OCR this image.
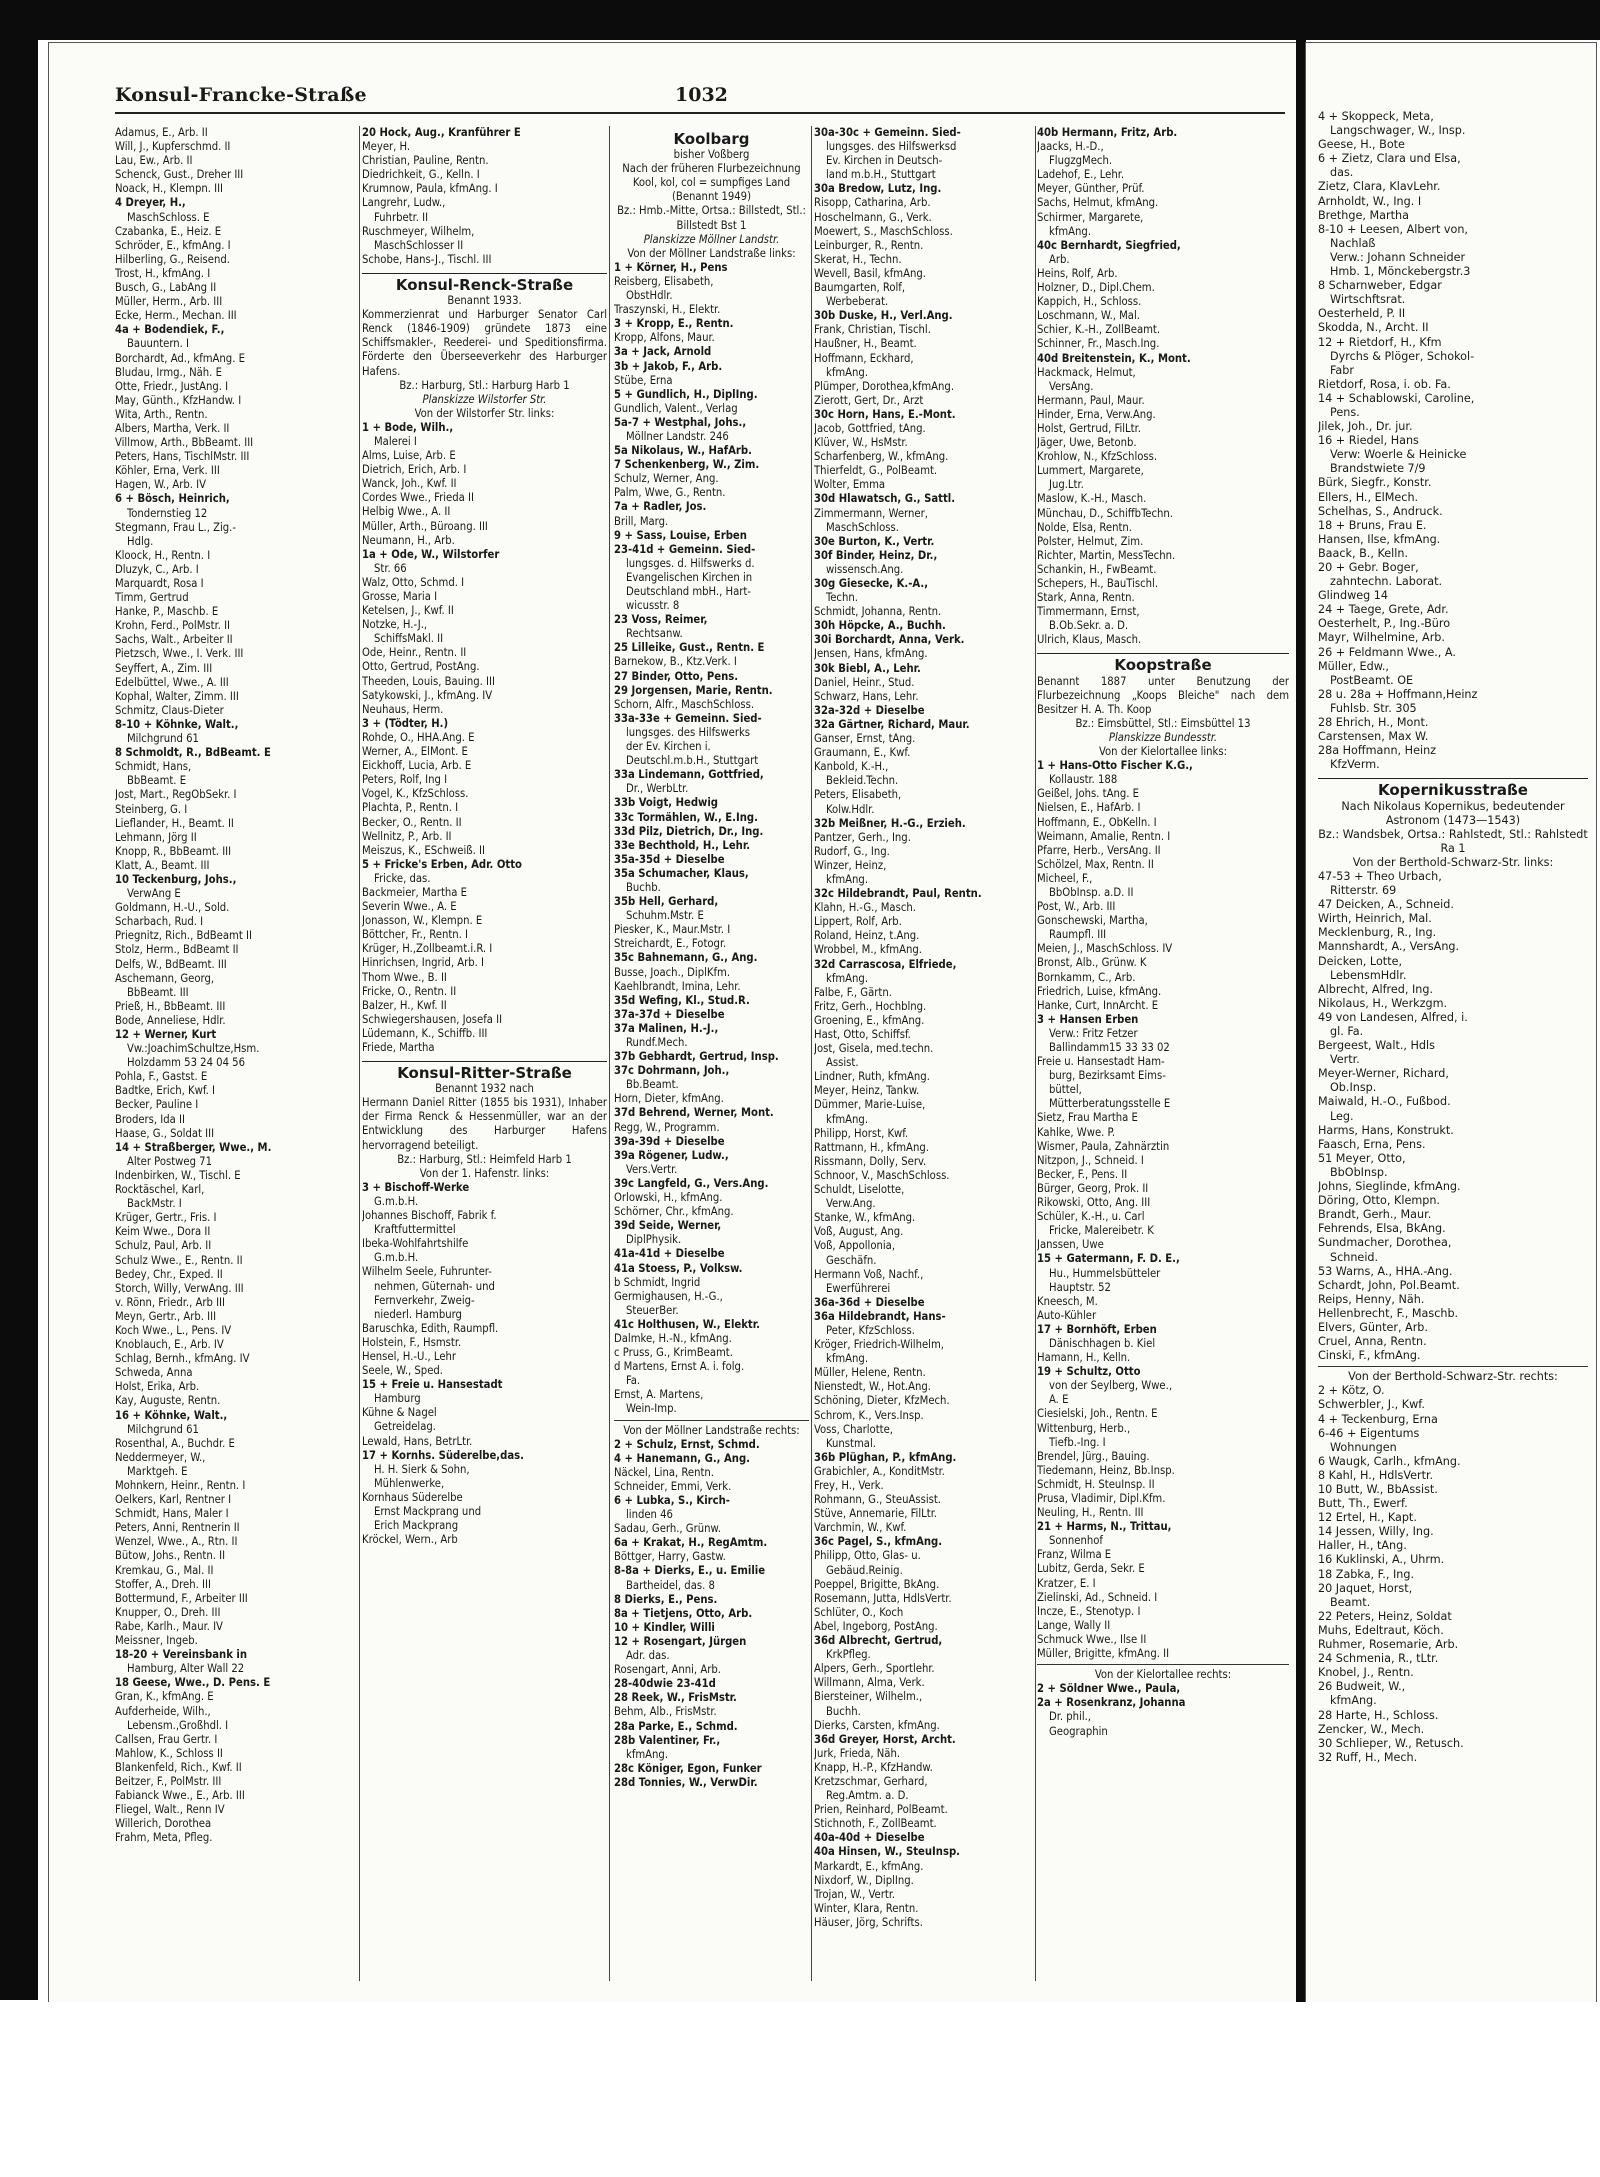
Konsul-Francke-Straße	1032
Adamus, E., Arb. II
Will, J., Kupferschmd. II
Lau, Ew., Arb. II
Schenck, Gust., Dreher III
Noack, H., Klempn. III
4 Dreyer, H.,
MaschSchloss. E
Czabanka, E., Heiz. E
Schröder, E., kfmAng. I
Hilberling, G., Reisend.
Trost, H., kfmAng. I
Busch, G., LabAng II
Müller, Herm., Arb. III
Ecke, Herm., Mechan. III
4a + Bodendiek, F.,
Bauuntern. I
Borchardt, Ad., kfmAng. E
Bludau, Irmg., Näh. E
Otte, Friedr., JustAng. I
May, Günth., KfzHandw. I
Wita, Arth., Rentn.
Albers, Martha, Verk. II
Villmow, Arth., BbBeamt. III
Peters, Hans, TischlMstr. III
Köhler, Erna, Verk. III
Hagen, W., Arb. IV
6 + Bösch, Heinrich,
Tondernstieg 12
Stegmann, Frau L., Zig.-
Hdlg.
Kloock, H., Rentn. I
Dluzyk, C., Arb. I
Marquardt, Rosa I
Timm, Gertrud
Hanke, P., Maschb. E
Krohn, Ferd., PolMstr. II
Sachs, Walt., Arbeiter II
Pietzsch, Wwe., I. Verk. III
Seyffert, A., Zim. III
Edelbüttel, Wwe., A. III
Kophal, Walter, Zimm. III
Schmitz, Claus-Dieter
8-10 + Köhnke, Walt.,
Milchgrund 61
8 Schmoldt, R., BdBeamt. E
Schmidt, Hans,
BbBeamt. E
Jost, Mart., RegObSekr. I
Steinberg, G. I
Lieflander, H., Beamt. II
Lehmann, Jörg II
Knopp, R., BbBeamt. III
Klatt, A., Beamt. III
10 Teckenburg, Johs.,
VerwAng E
Goldmann, H.-U., Sold.
Scharbach, Rud. I
Priegnitz, Rich., BdBeamt II
Stolz, Herm., BdBeamt II
Delfs, W., BdBeamt. III
Aschemann, Georg,
BbBeamt. III
Prieß, H., BbBeamt. III
Bode, Anneliese, Hdlr.
12 + Werner, Kurt
Vw.:JoachimSchultze,Hsm.
Holzdamm 53 24 04 56
Pohla, F., Gastst. E
Badtke, Erich, Kwf. I
Becker, Pauline I
Broders, Ida II
Haase, G., Soldat III
14 + Straßberger, Wwe., M.
Alter Postweg 71
Indenbirken, W., Tischl. E
Rocktäschel, Karl,
BackMstr. I
Krüger, Gertr., Fris. I
Keim Wwe., Dora II
Schulz, Paul, Arb. II
Schulz Wwe., E., Rentn. II
Bedey, Chr., Exped. II
Storch, Willy, VerwAng. III
v. Rönn, Friedr., Arb III
Meyn, Gertr., Arb. III
Koch Wwe., L., Pens. IV
Knoblauch, E., Arb. IV
Schlag, Bernh., kfmAng. IV
Schweda, Anna
Holst, Erika, Arb.
Kay, Auguste, Rentn.
16 + Köhnke, Walt.,
Milchgrund 61
Rosenthal, A., Buchdr. E
Neddermeyer, W.,
Marktgeh. E
Mohnkern, Heinr., Rentn. I
Oelkers, Karl, Rentner I
Schmidt, Hans, Maler I
Peters, Anni, Rentnerin II
Wenzel, Wwe., A., Rtn. II
Bütow, Johs., Rentn. II
Kremkau, G., Mal. II
Stoffer, A., Dreh. III
Bottermund, F., Arbeiter III
Knupper, O., Dreh. III
Rabe, Karlh., Maur. IV
Meissner, Ingeb.
18-20 + Vereinsbank in
Hamburg, Alter Wall 22
18 Geese, Wwe., D. Pens. E
Gran, K., kfmAng. E
Aufderheide, Wilh.,
Lebensm.,Großhdl. I
Callsen, Frau Gertr. I
Mahlow, K., Schloss II
Blankenfeld, Rich., Kwf. II
Beitzer, F., PolMstr. III
Fabianck Wwe., E., Arb. III
Fliegel, Walt., Renn IV
Willerich, Dorothea
Frahm, Meta, Pfleg.
20 Hock, Aug., Kranführer E
Meyer, H.
Christian, Pauline, Rentn.
Diedrichkeit, G., Kelln. I
Krumnow, Paula, kfmAng. I
Langrehr, Ludw.,
Fuhrbetr. II
Ruschmeyer, Wilhelm,
MaschSchlosser II
Schobe, Hans-J., Tischl. III
Konsul-Renck-Straße
Benannt 1933.
Kommerzienrat und Harburger Senator Carl Renck (1846-1909) gründete 1873 eine Schiffsmakler-, Reederei- und Speditionsfirma. Förderte den Überseeverkehr des Harburger Hafens.
Bz.: Harburg, Stl.: Harburg Harb 1
Planskizze Wilstorfer Str.
Von der Wilstorfer Str. links:
1 + Bode, Wilh.,
Malerei I
Alms, Luise, Arb. E
Dietrich, Erich, Arb. I
Wanck, Joh., Kwf. II
Cordes Wwe., Frieda II
Helbig Wwe., A. II
Müller, Arth., Büroang. III
Neumann, H., Arb.
1a + Ode, W., Wilstorfer
Str. 66
Walz, Otto, Schmd. I
Grosse, Maria I
Ketelsen, J., Kwf. II
Notzke, H.-J.,
SchiffsMakl. II
Ode, Heinr., Rentn. II
Otto, Gertrud, PostAng.
Theeden, Louis, Bauing. III
Satykowski, J., kfmAng. IV
Neuhaus, Herm.
3 + (Tödter, H.)
Rohde, O., HHA.Ang. E
Werner, A., ElMont. E
Eickhoff, Lucia, Arb. E
Peters, Rolf, Ing I
Vogel, K., KfzSchloss.
Plachta, P., Rentn. I
Becker, O., Rentn. II
Wellnitz, P., Arb. II
Meiszus, K., ESchweiß. II
5 + Fricke's Erben, Adr. Otto
Fricke, das.
Backmeier, Martha E
Severin Wwe., A. E
Jonasson, W., Klempn. E
Böttcher, Fr., Rentn. I
Krüger, H.,Zollbeamt.i.R. I
Hinrichsen, Ingrid, Arb. I
Thom Wwe., B. II
Fricke, O., Rentn. II
Balzer, H., Kwf. II
Schwiegershausen, Josefa II
Lüdemann, K., Schiffb. III
Friede, Martha
Konsul-Ritter-Straße
Benannt 1932 nach
Hermann Daniel Ritter (1855 bis 1931), Inhaber der Firma Renck & Hessenmüller, war an der Entwicklung des Harburger Hafens hervorragend beteiligt.
Bz.: Harburg, Stl.: Heimfeld Harb 1
Von der 1. Hafenstr. links:
3 + Bischoff-Werke
G.m.b.H.
Johannes Bischoff, Fabrik f.
Kraftfuttermittel
Ibeka-Wohlfahrtshilfe
G.m.b.H.
Wilhelm Seele, Fuhrunter-
nehmen, Güternah- und
Fernverkehr, Zweig-
niederl. Hamburg
Baruschka, Edith, Raumpfl.
Holstein, F., Hsmstr.
Hensel, H.-U., Lehr
Seele, W., Sped.
15 + Freie u. Hansestadt
Hamburg
Kühne & Nagel
Getreidelag.
Lewald, Hans, BetrLtr.
17 + Kornhs. Süderelbe,das.
H. H. Sierk & Sohn,
Mühlenwerke,
Kornhaus Süderelbe
Ernst Mackprang und
Erich Mackprang
Kröckel, Wern., Arb
Koolbarg
bisher Voßberg
Nach der früheren Flurbezeichnung Kool, kol, col = sumpfiges Land
(Benannt 1949)
Bz.: Hmb.-Mitte, Ortsa.: Billstedt, Stl.: Billstedt Bst 1
Planskizze Möllner Landstr.
Von der Möllner Landstraße links:
1 + Körner, H., Pens
Reisberg, Elisabeth,
ObstHdlr.
Traszynski, H., Elektr.
3 + Kropp, E., Rentn.
Kropp, Alfons, Maur.
3a + Jack, Arnold
3b + Jakob, F., Arb.
Stübe, Erna
5 + Gundlich, H., DiplIng.
Gundlich, Valent., Verlag
5a-7 + Westphal, Johs.,
Möllner Landstr. 246
5a Nikolaus, W., HafArb.
7 Schenkenberg, W., Zim.
Schulz, Werner, Ang.
Palm, Wwe, G., Rentn.
7a + Radler, Jos.
Brill, Marg.
9 + Sass, Louise, Erben
23-41d + Gemeinn. Sied-
lungsges. d. Hilfswerks d.
Evangelischen Kirchen in
Deutschland mbH., Hart-
wicusstr. 8
23 Voss, Reimer,
Rechtsanw.
25 Lilleike, Gust., Rentn. E
Barnekow, B., Ktz.Verk. I
27 Binder, Otto, Pens.
29 Jorgensen, Marie, Rentn.
Schorn, Alfr., MaschSchloss.
33a-33e + Gemeinn. Sied-
lungsges. des Hilfswerks
der Ev. Kirchen i.
Deutschl.m.b.H., Stuttgart
33a Lindemann, Gottfried,
Dr., WerbLtr.
33b Voigt, Hedwig
33c Tormählen, W., E.Ing.
33d Pilz, Dietrich, Dr., Ing.
33e Bechthold, H., Lehr.
35a-35d + Dieselbe
35a Schumacher, Klaus,
Buchb.
35b Hell, Gerhard,
Schuhm.Mstr. E
Piesker, K., Maur.Mstr. I
Streichardt, E., Fotogr.
35c Bahnemann, G., Ang.
Busse, Joach., DiplKfm.
Kaehlbrandt, Imina, Lehr.
35d Wefing, Kl., Stud.R.
37a-37d + Dieselbe
37a Malinen, H.-J.,
Rundf.Mech.
37b Gebhardt, Gertrud, Insp.
37c Dohrmann, Joh.,
Bb.Beamt.
Horn, Dieter, kfmAng.
37d Behrend, Werner, Mont.
Regg, W., Programm.
39a-39d + Dieselbe
39a Rögener, Ludw.,
Vers.Vertr.
39c Langfeld, G., Vers.Ang.
Orlowski, H., kfmAng.
Schörner, Chr., kfmAng.
39d Seide, Werner,
DiplPhysik.
41a-41d + Dieselbe
41a Stoess, P., Volksw.
b Schmidt, Ingrid
Germighausen, H.-G.,
SteuerBer.
41c Holthusen, W., Elektr.
Dalmke, H.-N., kfmAng.
c Pruss, G., KrimBeamt.
d Martens, Ernst A. i. folg.
Fa.
Ernst, A. Martens,
Wein-Imp.
Von der Möllner Landstraße rechts:
2 + Schulz, Ernst, Schmd.
4 + Hanemann, G., Ang.
Näckel, Lina, Rentn.
Schneider, Emmi, Verk.
6 + Lubka, S., Kirch-
linden 46
Sadau, Gerh., Grünw.
6a + Krakat, H., RegAmtm.
Böttger, Harry, Gastw.
8-8a + Dierks, E., u. Emilie
Bartheidel, das. 8
8 Dierks, E., Pens.
8a + Tietjens, Otto, Arb.
10 + Kindler, Willi
12 + Rosengart, Jürgen
Adr. das.
Rosengart, Anni, Arb.
28-40dwie 23-41d
28 Reek, W., FrisMstr.
Behm, Alb., FrisMstr.
28a Parke, E., Schmd.
28b Valentiner, Fr.,
kfmAng.
28c Königer, Egon, Funker
28d Tonnies, W., VerwDir.
30a-30c + Gemeinn. Sied-
lungsges. des Hilfswerksd
Ev. Kirchen in Deutsch-
land m.b.H., Stuttgart
30a Bredow, Lutz, Ing.
Risopp, Catharina, Arb.
Hoschelmann, G., Verk.
Moewert, S., MaschSchloss.
Leinburger, R., Rentn.
Skerat, H., Techn.
Wevell, Basil, kfmAng.
Baumgarten, Rolf,
Werbeberat.
30b Duske, H., Verl.Ang.
Frank, Christian, Tischl.
Haußner, H., Beamt.
Hoffmann, Eckhard,
kfmAng.
Plümper, Dorothea,kfmAng.
Zierott, Gert, Dr., Arzt
30c Horn, Hans, E.-Mont.
Jacob, Gottfried, tAng.
Klüver, W., HsMstr.
Scharfenberg, W., kfmAng.
Thierfeldt, G., PolBeamt.
Wolter, Emma
30d Hlawatsch, G., Sattl.
Zimmermann, Werner,
MaschSchloss.
30e Burton, K., Vertr.
30f Binder, Heinz, Dr.,
wissensch.Ang.
30g Giesecke, K.-A.,
Techn.
Schmidt, Johanna, Rentn.
30h Höpcke, A., Buchh.
30i Borchardt, Anna, Verk.
Jensen, Hans, kfmAng.
30k Biebl, A., Lehr.
Daniel, Heinr., Stud.
Schwarz, Hans, Lehr.
32a-32d + Dieselbe
32a Gärtner, Richard, Maur.
Ganser, Ernst, tAng.
Graumann, E., Kwf.
Kanbold, K.-H.,
Bekleid.Techn.
Peters, Elisabeth,
Kolw.Hdlr.
32b Meißner, H.-G., Erzieh.
Pantzer, Gerh., Ing.
Rudorf, G., Ing.
Winzer, Heinz,
kfmAng.
32c Hildebrandt, Paul, Rentn.
Klahn, H.-G., Masch.
Lippert, Rolf, Arb.
Roland, Heinz, t.Ang.
Wrobbel, M., kfmAng.
32d Carrascosa, Elfriede,
kfmAng.
Falbe, F., Gärtn.
Fritz, Gerh., Hochblng.
Groening, E., kfmAng.
Hast, Otto, Schiffsf.
Jost, Gisela, med.techn.
Assist.
Lindner, Ruth, kfmAng.
Meyer, Heinz, Tankw.
Dümmer, Marie-Luise,
kfmAng.
Philipp, Horst, Kwf.
Rattmann, H., kfmAng.
Rissmann, Dolly, Serv.
Schnoor, V., MaschSchloss.
Schuldt, Liselotte,
Verw.Ang.
Stanke, W., kfmAng.
Voß, August, Ang.
Voß, Appollonia,
Geschäfn.
Hermann Voß, Nachf.,
Ewerführerei
36a-36d + Dieselbe
36a Hildebrandt, Hans-
Peter, KfzSchloss.
Kröger, Friedrich-Wilhelm,
kfmAng.
Müller, Helene, Rentn.
Nienstedt, W., Hot.Ang.
Schöning, Dieter, KfzMech.
Schrom, K., Vers.Insp.
Voss, Charlotte,
Kunstmal.
36b Plüghan, P., kfmAng.
Grabichler, A., KonditMstr.
Frey, H., Verk.
Rohmann, G., SteuAssist.
Stüve, Annemarie, FilLtr.
Varchmin, W., Kwf.
36c Pagel, S., kfmAng.
Philipp, Otto, Glas- u.
Gebäud.Reinig.
Poeppel, Brigitte, BkAng.
Rosemann, Jutta, HdlsVertr.
Schlüter, O., Koch
Abel, Ingeborg, PostAng.
36d Albrecht, Gertrud,
KrkPfleg.
Alpers, Gerh., Sportlehr.
Willmann, Alma, Verk.
Biersteiner, Wilhelm.,
Buchh.
Dierks, Carsten, kfmAng.
36d Greyer, Horst, Archt.
Jurk, Frieda, Näh.
Knapp, H.-P., KfzHandw.
Kretzschmar, Gerhard,
Reg.Amtm. a. D.
Prien, Reinhard, PolBeamt.
Stichnoth, F., ZollBeamt.
40a-40d + Dieselbe
40a Hinsen, W., SteuInsp.
Markardt, E., kfmAng.
Nixdorf, W., DiplIng.
Trojan, W., Vertr.
Winter, Klara, Rentn.
Häuser, Jörg, Schrifts.
40b Hermann, Fritz, Arb.
Jaacks, H.-D.,
FlugzgMech.
Ladehof, E., Lehr.
Meyer, Günther, Prüf.
Sachs, Helmut, kfmAng.
Schirmer, Margarete,
kfmAng.
40c Bernhardt, Siegfried,
Arb.
Heins, Rolf, Arb.
Holzner, D., Dipl.Chem.
Kappich, H., Schloss.
Loschmann, W., Mal.
Schier, K.-H., ZollBeamt.
Schinner, Fr., Masch.Ing.
40d Breitenstein, K., Mont.
Hackmack, Helmut,
VersAng.
Hermann, Paul, Maur.
Hinder, Erna, Verw.Ang.
Holst, Gertrud, FilLtr.
Jäger, Uwe, Betonb.
Krohlow, N., KfzSchloss.
Lummert, Margarete,
Jug.Ltr.
Maslow, K.-H., Masch.
Münchau, D., SchiffbTechn.
Nolde, Elsa, Rentn.
Polster, Helmut, Zim.
Richter, Martin, MessTechn.
Schankin, H., FwBeamt.
Schepers, H., BauTischl.
Stark, Anna, Rentn.
Timmermann, Ernst,
B.Ob.Sekr. a. D.
Ulrich, Klaus, Masch.
Koopstraße
Benannt 1887 unter Benutzung der Flurbezeichnung „Koops Bleiche" nach dem Besitzer H. A. Th. Koop
Bz.: Eimsbüttel, Stl.: Eimsbüttel 13
Planskizze Bundesstr.
Von der Kielortallee links:
1 + Hans-Otto Fischer K.G.,
Kollaustr. 188
Geißel, Johs. tAng. E
Nielsen, E., HafArb. I
Hoffmann, E., ObKelln. I
Weimann, Amalie, Rentn. I
Pfarre, Herb., VersAng. II
Schölzel, Max, Rentn. II
Micheel, F.,
BbObInsp. a.D. II
Post, W., Arb. III
Gonschewski, Martha,
Raumpfl. III
Meien, J., MaschSchloss. IV
Bronst, Alb., Grünw. K
Bornkamm, C., Arb.
Friedrich, Luise, kfmAng.
Hanke, Curt, InnArcht. E
3 + Hansen Erben
Verw.: Fritz Fetzer
Ballindamm15 33 33 02
Freie u. Hansestadt Ham-
burg, Bezirksamt Eims-
büttel,
Mütterberatungsstelle E
Sietz, Frau Martha E
Kahlke, Wwe. P.
Wismer, Paula, Zahnärztin
Nitzpon, J., Schneid. I
Becker, F., Pens. II
Bürger, Georg, Prok. II
Rikowski, Otto, Ang. III
Schüler, K.-H., u. Carl
Fricke, Malereibetr. K
Janssen, Uwe
15 + Gatermann, F. D. E.,
Hu., Hummelsbütteler
Hauptstr. 52
Kneesch, M.
Auto-Kühler
17 + Bornhöft, Erben
Dänischhagen b. Kiel
Hamann, H., Kelln.
19 + Schultz, Otto
von der Seylberg, Wwe.,
A. E
Ciesielski, Joh., Rentn. E
Wittenburg, Herb.,
Tiefb.-Ing. I
Brendel, Jürg., Bauing.
Tiedemann, Heinz, Bb.Insp.
Schmidt, H. SteuInsp. II
Prusa, Vladimir, Dipl.Kfm.
Neuling, H., Rentn. III
21 + Harms, N., Trittau,
Sonnenhof
Franz, Wilma E
Lubitz, Gerda, Sekr. E
Kratzer, E. I
Zielinski, Ad., Schneid. I
Incze, E., Stenotyp. I
Lange, Wally II
Schmuck Wwe., Ilse II
Müller, Brigitte, kfmAng. II
Von der Kielortallee rechts:
2 + Söldner Wwe., Paula,
2a + Rosenkranz, Johanna
Dr. phil.,
Geographin
4 + Skoppeck, Meta,
Langschwager, W., Insp.
Geese, H., Bote
6 + Zietz, Clara und Elsa,
das.
Zietz, Clara, KlavLehr.
Arnholdt, W., Ing. I
Brethge, Martha
8-10 + Leesen, Albert von,
Nachlaß
Verw.: Johann Schneider
Hmb. 1, Mönckebergstr.3
8 Scharnweber, Edgar
Wirtschftsrat.
Oesterheld, P. II
Skodda, N., Archt. II
12 + Rietdorf, H., Kfm
Dyrchs & Plöger, Schokol-
Fabr
Rietdorf, Rosa, i. ob. Fa.
14 + Schablowski, Caroline,
Pens.
Jilek, Joh., Dr. jur.
16 + Riedel, Hans
Verw: Woerle & Heinicke
Brandstwiete 7/9
Bürk, Siegfr., Konstr.
Ellers, H., ElMech.
Schelhas, S., Andruck.
18 + Bruns, Frau E.
Hansen, Ilse, kfmAng.
Baack, B., Kelln.
20 + Gebr. Boger,
zahntechn. Laborat.
Glindweg 14
24 + Taege, Grete, Adr.
Oesterhelt, P., Ing.-Büro
Mayr, Wilhelmine, Arb.
26 + Feldmann Wwe., A.
Müller, Edw.,
PostBeamt. OE
28 u. 28a + Hoffmann,Heinz
Fuhlsb. Str. 305
28 Ehrich, H., Mont.
Carstensen, Max W.
28a Hoffmann, Heinz
KfzVerm.
Kopernikusstraße
Nach Nikolaus Kopernikus, bedeutender Astronom (1473—1543)
Bz.: Wandsbek, Ortsa.: Rahlstedt, Stl.: Rahlstedt Ra 1
Von der Berthold-Schwarz-Str. links:
47-53 + Theo Urbach,
Ritterstr. 69
47 Deicken, A., Schneid.
Wirth, Heinrich, Mal.
Mecklenburg, R., Ing.
Mannshardt, A., VersAng.
Deicken, Lotte,
LebensmHdlr.
Albrecht, Alfred, Ing.
Nikolaus, H., Werkzgm.
49 von Landesen, Alfred, i.
gl. Fa.
Bergeest, Walt., Hdls
Vertr.
Meyer-Werner, Richard,
Ob.Insp.
Maiwald, H.-O., Fußbod.
Leg.
Harms, Hans, Konstrukt.
Faasch, Erna, Pens.
51 Meyer, Otto,
BbObInsp.
Johns, Sieglinde, kfmAng.
Döring, Otto, Klempn.
Brandt, Gerh., Maur.
Fehrends, Elsa, BkAng.
Sundmacher, Dorothea,
Schneid.
53 Warns, A., HHA.-Ang.
Schardt, John, Pol.Beamt.
Reips, Henny, Näh.
Hellenbrecht, F., Maschb.
Elvers, Günter, Arb.
Cruel, Anna, Rentn.
Cinski, F., kfmAng.
Von der Berthold-Schwarz-Str. rechts:
2 + Kötz, O.
Schwerbler, J., Kwf.
4 + Teckenburg, Erna
6-46 + Eigentums
Wohnungen
6 Waugk, Carlh., kfmAng.
8 Kahl, H., HdlsVertr.
10 Butt, W., BbAssist.
Butt, Th., Ewerf.
12 Ertel, H., Kapt.
14 Jessen, Willy, Ing.
Haller, H., tAng.
16 Kuklinski, A., Uhrm.
18 Zabka, F., Ing.
20 Jaquet, Horst,
Beamt.
22 Peters, Heinz, Soldat
Muhs, Edeltraut, Köch.
Ruhmer, Rosemarie, Arb.
24 Schmenia, R., tLtr.
Knobel, J., Rentn.
26 Budweit, W.,
kfmAng.
28 Harte, H., Schloss.
Zencker, W., Mech.
30 Schlieper, W., Retusch.
32 Ruff, H., Mech.
